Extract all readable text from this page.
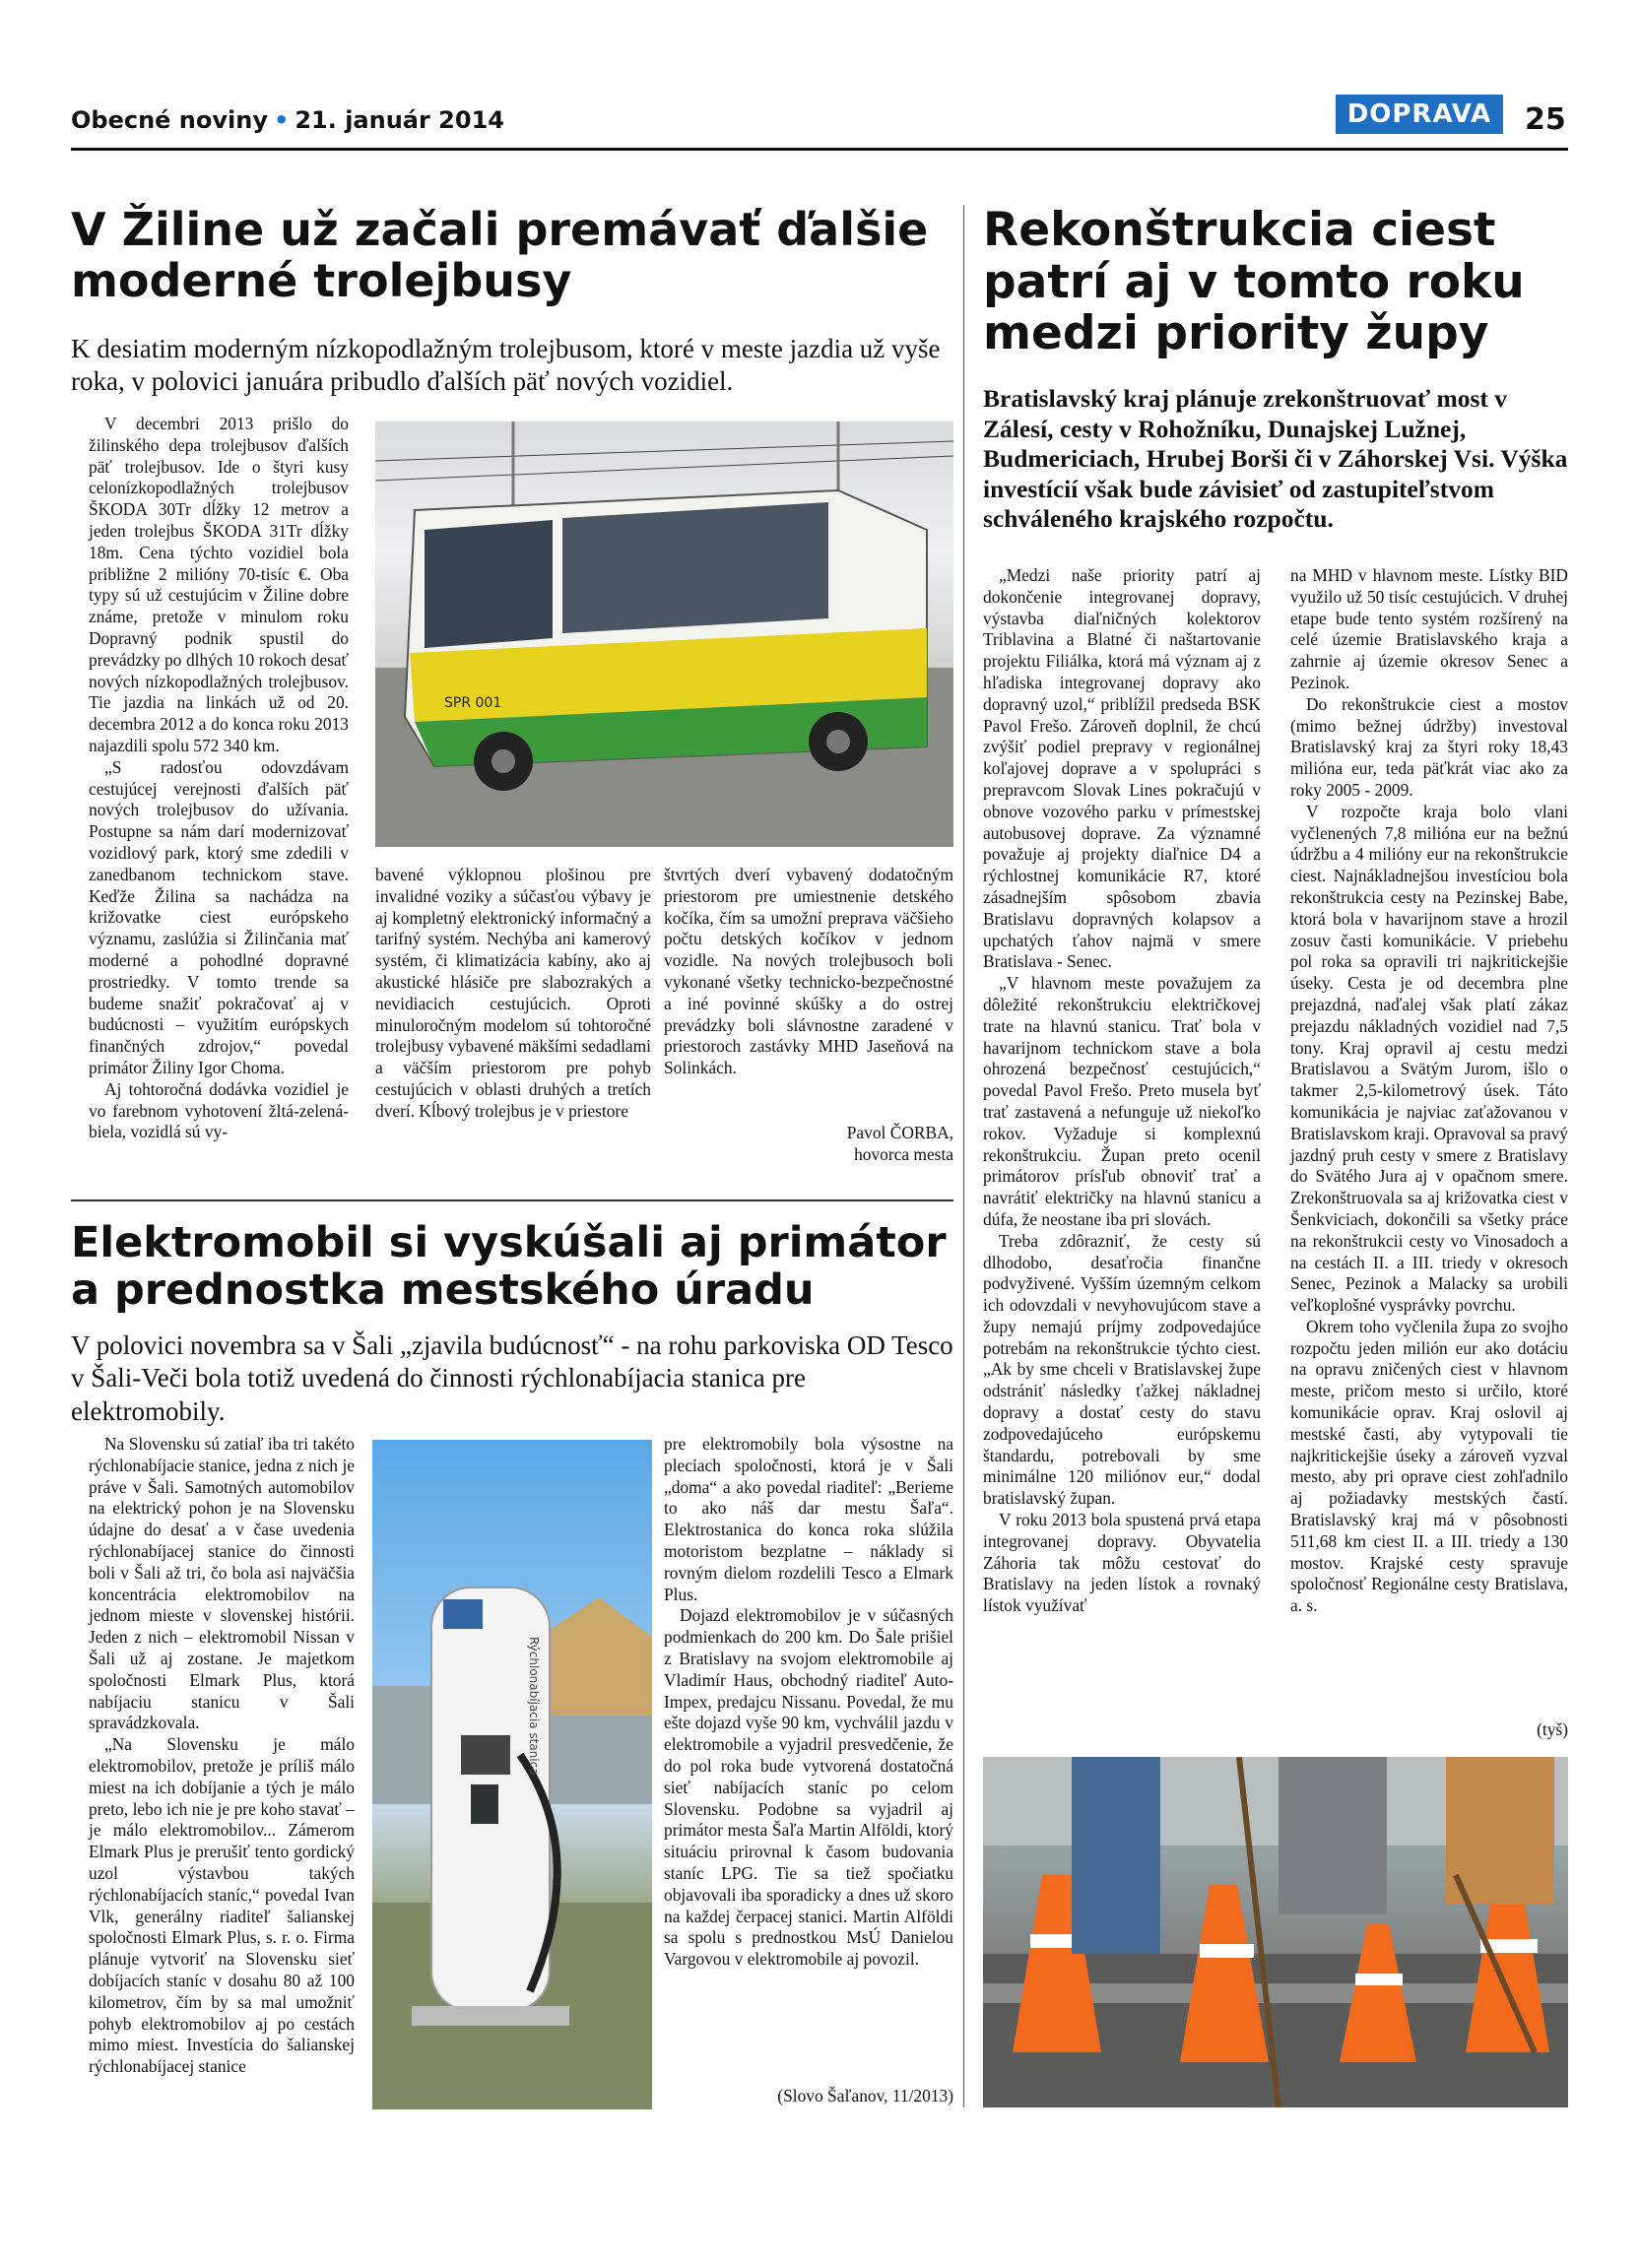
Obecné noviny • 21. január 2014	DOPRAVA	25
V Žiline už začali premávať ďalšie moderné trolejbusy
K desiatim moderným nízkopodlažným trolejbusom, ktoré v meste jazdia už vyše roka, v polovici januára pribudlo ďalších päť nových vozidiel.

V decembri 2013 prišlo do žilinského depa trolejbusov ďalších päť trolejbusov. Ide o štyri kusy celonízkopodlažných trolejbusov ŠKODA 30Tr dĺžky 12 metrov a jeden trolejbus ŠKODA 31Tr dĺžky 18m. Cena týchto vozidiel bola približne 2 milióny 70-tisíc €. Oba typy sú už cestujúcim v Žiline dobre známe, pretože v minulom roku Dopravný podnik spustil do prevádzky po dlhých 10 rokoch desať nových nízkopodlažných trolejbusov. Tie jazdia na linkách už od 20. decembra 2012 a do konca roku 2013 najazdili spolu 572 340 km.

„S radosťou odovzdávam cestujúcej verejnosti ďalších päť nových trolejbusov do užívania. Postupne sa nám darí modernizovať vozidlový park, ktorý sme zdedili v zanedbanom technickom stave. Keďže Žilina sa nachádza na križovatke ciest európskeho významu, zaslúžia si Žilinčania mať moderné a pohodlné dopravné prostriedky. V tomto trende sa budeme snažiť pokračovať aj v budúcnosti – využitím európskych finančných zdrojov,“ povedal primátor Žiliny Igor Choma.

Aj tohtoročná dodávka vozidiel je vo farebnom vyhotovení žltá-zelená-biela, vozidlá sú vy-

SPR 001

bavené výklopnou plošinou pre invalidné voziky a súčasťou výbavy je aj kompletný elektronický informačný a tarifný systém. Nechýba ani kamerový systém, či klimatizácia kabíny, ako aj akustické hlásiče pre slabozrakých a nevidiacich cestujúcich. Oproti minuloročným modelom sú tohtoročné trolejbusy vybavené mäkšími sedadlami a väčším priestorom pre pohyb cestujúcich v oblasti druhých a tretích dverí. Kĺbový trolejbus je v priestore

štvrtých dverí vybavený dodatočným priestorom pre umiestnenie detského kočíka, čím sa umožní preprava väčšieho počtu detských kočíkov v jednom vozidle. Na nových trolejbusoch boli vykonané všetky technicko-bezpečnostné a iné povinné skúšky a do ostrej prevádzky boli slávnostne zaradené v priestoroch zastávky MHD Jaseňová na Solinkách.

Pavol ČORBA,
hovorca mesta
Elektromobil si vyskúšali aj primátor a prednostka mestského úradu
V polovici novembra sa v Šali „zjavila budúcnosť“ - na rohu parkoviska OD Tesco v Šali-Veči bola totiž uvedená do činnosti rýchlonabíjacia stanica pre elektromobily.

Na Slovensku sú zatiaľ iba tri takéto rýchlonabíjacie stanice, jedna z nich je práve v Šali. Samotných automobilov na elektrický pohon je na Slovensku údajne do desať a v čase uvedenia rýchlonabíjacej stanice do činnosti boli v Šali až tri, čo bola asi najväčšia koncentrácia elektromobilov na jednom mieste v slovenskej histórii. Jeden z nich – elektromobil Nissan v Šali už aj zostane. Je majetkom spoločnosti Elmark Plus, ktorá nabíjaciu stanicu v Šali spravádzkovala.

„Na Slovensku je málo elektromobilov, pretože je príliš málo miest na ich dobíjanie a tých je málo preto, lebo ich nie je pre koho stavať – je málo elektromobilov... Zámerom Elmark Plus je prerušiť tento gordický uzol výstavbou takých rýchlonabíjacích staníc,“ povedal Ivan Vlk, generálny riaditeľ šalianskej spoločnosti Elmark Plus, s. r. o. Firma plánuje vytvoriť na Slovensku sieť dobíjacích staníc v dosahu 80 až 100 kilometrov, čím by sa mal umožniť pohyb elektromobilov aj po cestách mimo miest. Investícia do šalianskej rýchlonabíjacej stanice

Rýchlonabíjacia stanica

pre elektromobily bola výsostne na pleciach spoločnosti, ktorá je v Šali „doma“ a ako povedal riaditeľ: „Berieme to ako náš dar mestu Šaľa“. Elektrostanica do konca roka slúžila motoristom bezplatne – náklady si rovným dielom rozdelili Tesco a Elmark Plus.

Dojazd elektromobilov je v súčasných podmienkach do 200 km. Do Šale prišiel z Bratislavy na svojom elektromobile aj Vladimír Haus, obchodný riaditeľ Auto-Impex, predajcu Nissanu. Povedal, že mu ešte dojazd vyše 90 km, vychválil jazdu v elektromobile a vyjadril presvedčenie, že do pol roka bude vytvorená dostatočná sieť nabíjacích staníc po celom Slovensku. Podobne sa vyjadril aj primátor mesta Šaľa Martin Alföldi, ktorý situáciu prirovnal k časom budovania staníc LPG. Tie sa tiež spočiatku objavovali iba sporadicky a dnes už skoro na každej čerpacej stanici. Martin Alföldi sa spolu s prednostkou MsÚ Danielou Vargovou v elektromobile aj povozil.

(Slovo Šaľanov, 11/2013)
Rekonštrukcia ciest patrí aj v tomto roku medzi priority župy
Bratislavský kraj plánuje zrekonštruovať most v Zálesí, cesty v Rohožníku, Dunajskej Lužnej, Budmericiach, Hrubej Borši či v Záhorskej Vsi. Výška investícií však bude závisieť od zastupiteľstvom schváleného krajského rozpočtu.

„Medzi naše priority patrí aj dokončenie integrovanej dopravy, výstavba diaľničných kolektorov Triblavina a Blatné či naštartovanie projektu Filiálka, ktorá má význam aj z hľadiska integrovanej dopravy ako dopravný uzol,“ priblížil predseda BSK Pavol Frešo. Zároveň doplnil, že chcú zvýšiť podiel prepravy v regionálnej koľajovej doprave a v spolupráci s prepravcom Slovak Lines pokračujú v obnove vozového parku v prímestskej autobusovej doprave. Za významné považuje aj projekty diaľnice D4 a rýchlostnej komunikácie R7, ktoré zásadnejším spôsobom zbavia Bratislavu dopravných kolapsov a upchatých ťahov najmä v smere Bratislava - Senec.

„V hlavnom meste považujem za dôležité rekonštrukciu električkovej trate na hlavnú stanicu. Trať bola v havarijnom technickom stave a bola ohrozená bezpečnosť cestujúcich,“ povedal Pavol Frešo. Preto musela byť trať zastavená a nefunguje už niekoľko rokov. Vyžaduje si komplexnú rekonštrukciu. Župan preto ocenil primátorov prísľub obnoviť trať a navrátiť električky na hlavnú stanicu a dúfa, že neostane iba pri slovách.

Treba zdôrazniť, že cesty sú dlhodobo, desaťročia finančne podvyživené. Vyšším územným celkom ich odovzdali v nevyhovujúcom stave a župy nemajú príjmy zodpovedajúce potrebám na rekonštrukcie týchto ciest. „Ak by sme chceli v Bratislavskej župe odstrániť následky ťažkej nákladnej dopravy a dostať cesty do stavu zodpovedajúceho európskemu štandardu, potrebovali by sme minimálne 120 miliónov eur,“ dodal bratislavský župan.

V roku 2013 bola spustená prvá etapa integrovanej dopravy. Obyvatelia Záhoria tak môžu cestovať do Bratislavy na jeden lístok a rovnaký lístok využívať

na MHD v hlavnom meste. Lístky BID využilo už 50 tisíc cestujúcich. V druhej etape bude tento systém rozšírený na celé územie Bratislavského kraja a zahrnie aj územie okresov Senec a Pezinok.

Do rekonštrukcie ciest a mostov (mimo bežnej údržby) investoval Bratislavský kraj za štyri roky 18,43 milióna eur, teda päťkrát viac ako za roky 2005 - 2009.

V rozpočte kraja bolo vlani vyčlenených 7,8 milióna eur na bežnú údržbu a 4 milióny eur na rekonštrukcie ciest. Najnákladnejšou investíciou bola rekonštrukcia cesty na Pezinskej Babe, ktorá bola v havarijnom stave a hrozil zosuv časti komunikácie. V priebehu pol roka sa opravili tri najkritickejšie úseky. Cesta je od decembra plne prejazdná, naďalej však platí zákaz prejazdu nákladných vozidiel nad 7,5 tony. Kraj opravil aj cestu medzi Bratislavou a Svätým Jurom, išlo o takmer 2,5-kilometrový úsek. Táto komunikácia je najviac zaťažovanou v Bratislavskom kraji. Opravoval sa pravý jazdný pruh cesty v smere z Bratislavy do Svätého Jura aj v opačnom smere. Zrekonštruovala sa aj križovatka ciest v Šenkviciach, dokončili sa všetky práce na rekonštrukcii cesty vo Vinosadoch a na cestách II. a III. triedy v okresoch Senec, Pezinok a Malacky sa urobili veľkoplošné vysprávky povrchu.

Okrem toho vyčlenila župa zo svojho rozpočtu jeden milión eur ako dotáciu na opravu zničených ciest v hlavnom meste, pričom mesto si určilo, ktoré komunikácie oprav. Kraj oslovil aj mestské časti, aby vytypovali tie najkritickejšie úseky a zároveň vyzval mesto, aby pri oprave ciest zohľadnilo aj požiadavky mestských častí. Bratislavský kraj má v pôsobnosti 511,68 km ciest II. a III. triedy a 130 mostov. Krajské cesty spravuje spoločnosť Regionálne cesty Bratislava, a. s.

(tyš)
